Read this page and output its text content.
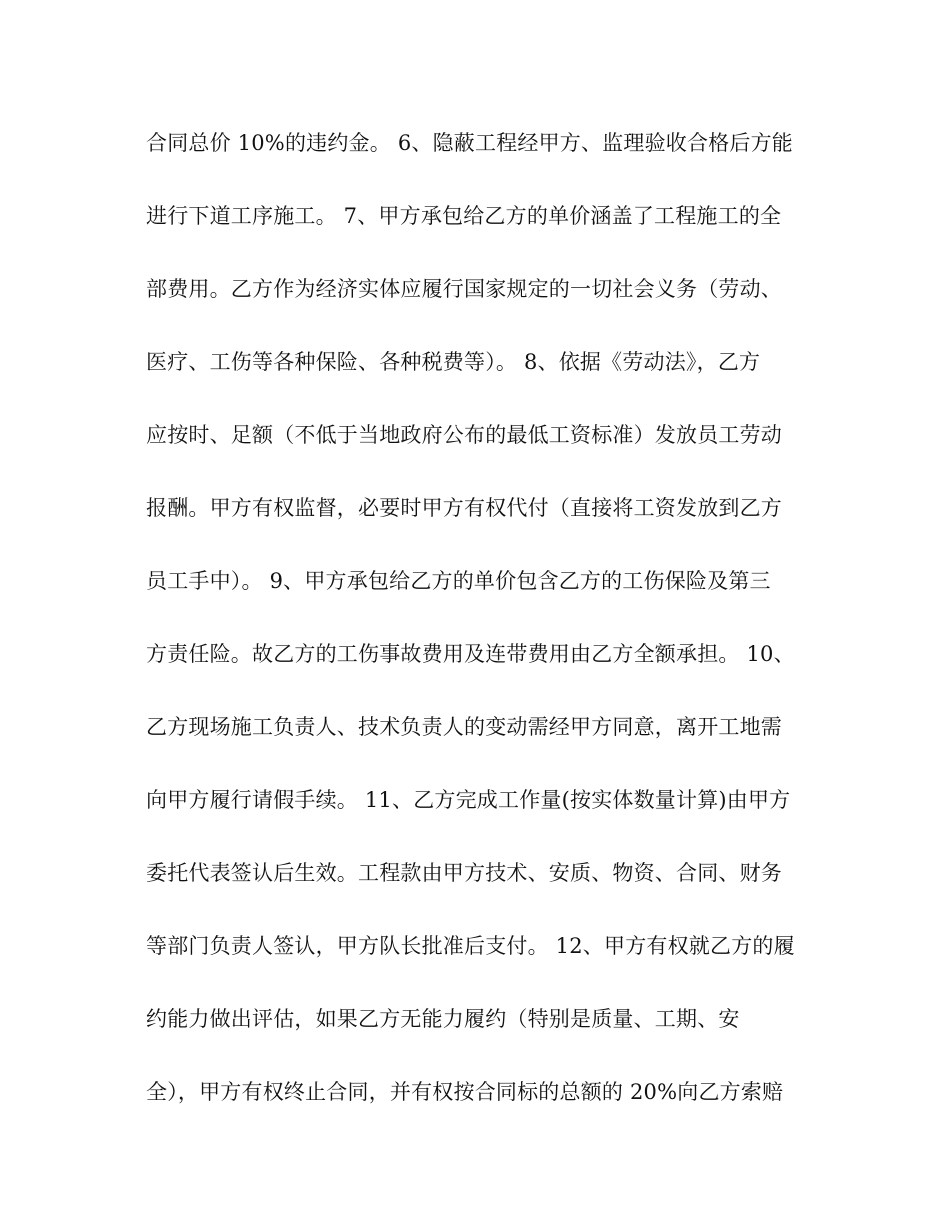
合同总价 10%的违约金。 6、隐蔽工程经甲方、监理验收合格后方能
进行下道工序施工。 7、甲方承包给乙方的单价涵盖了工程施工的全
部费用。乙方作为经济实体应履行国家规定的一切社会义务（劳动、
医疗、工伤等各种保险、各种税费等）。 8、依据《劳动法》，乙方
应按时、足额（不低于当地政府公布的最低工资标准）发放员工劳动
报酬。甲方有权监督，必要时甲方有权代付（直接将工资发放到乙方
员工手中）。 9、甲方承包给乙方的单价包含乙方的工伤保险及第三
方责任险。故乙方的工伤事故费用及连带费用由乙方全额承担。 10、
乙方现场施工负责人、技术负责人的变动需经甲方同意，离开工地需
向甲方履行请假手续。 11、乙方完成工作量(按实体数量计算)由甲方
委托代表签认后生效。工程款由甲方技术、安质、物资、合同、财务
等部门负责人签认，甲方队长批准后支付。 12、甲方有权就乙方的履
约能力做出评估，如果乙方无能力履约（特别是质量、工期、安
全），甲方有权终止合同，并有权按合同标的总额的 20%向乙方索赔
